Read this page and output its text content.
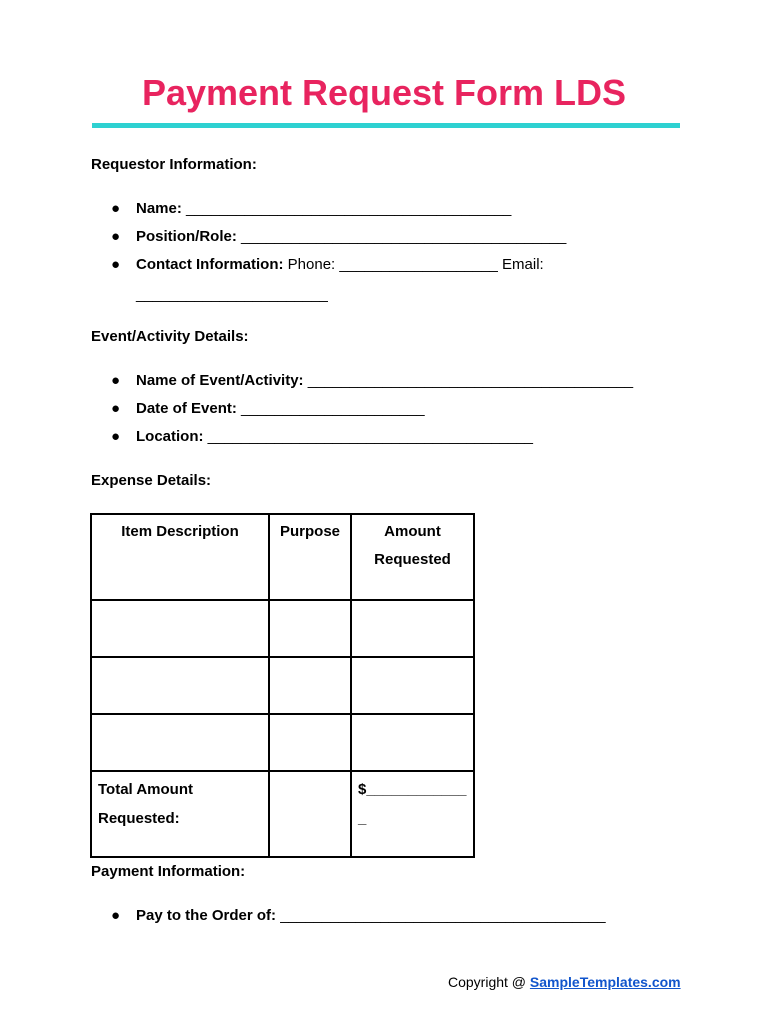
Payment Request Form LDS
Requestor Information:
● Name: _______________________________________
● Position/Role: _______________________________________
● Contact Information: Phone: ___________________ Email:
_______________________
Event/Activity Details:
● Name of Event/Activity: _______________________________________
● Date of Event: ______________________
● Location: _______________________________________
Expense Details:
Item Description	Purpose	Amount Requested

Total Amount Requested:		$____________ _
Payment Information:
● Pay to the Order of: _______________________________________
Copyright @ SampleTemplates.com
